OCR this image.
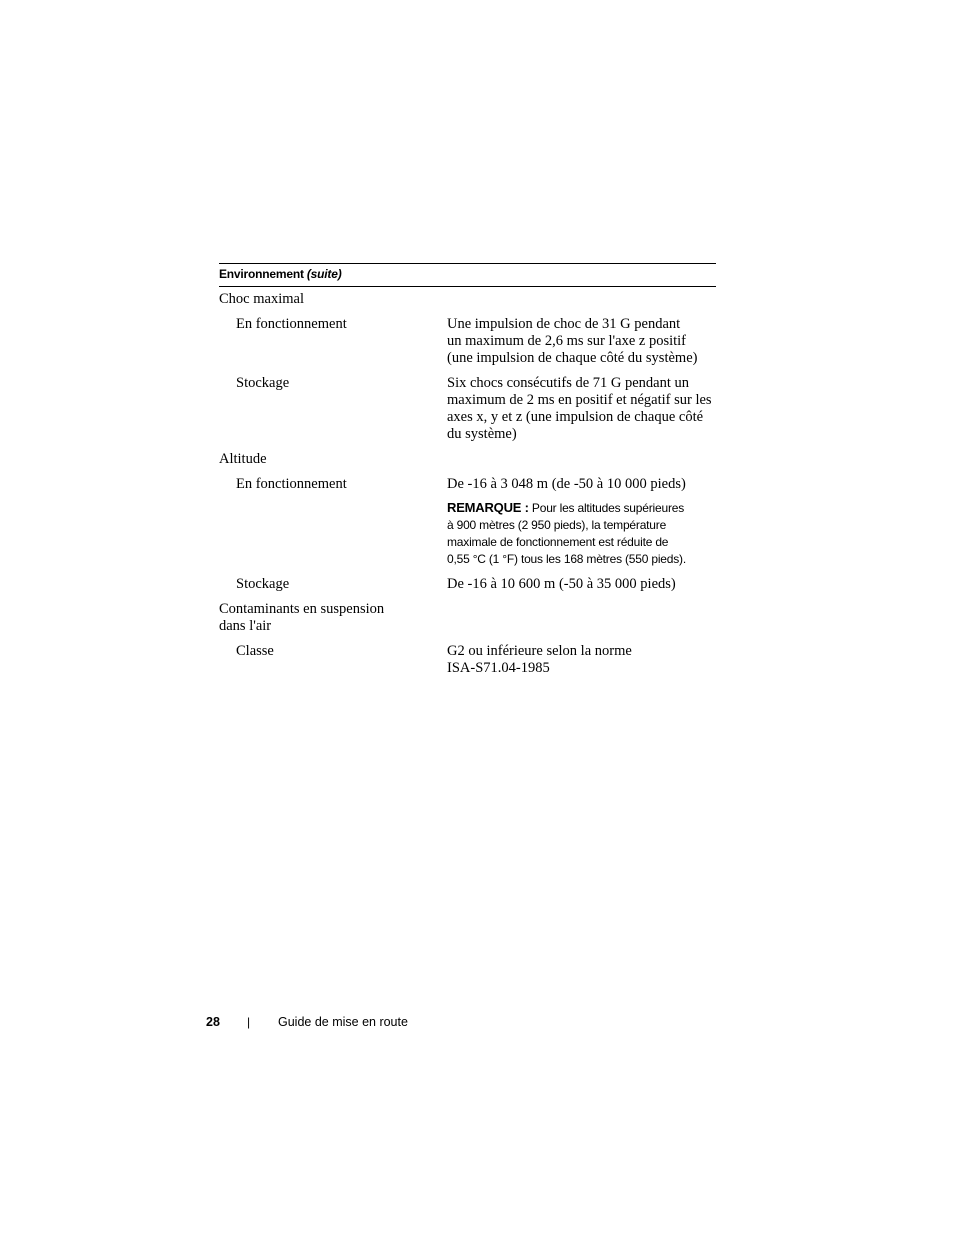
Environnement (suite)
Choc maximal
En fonctionnement	Une impulsion de choc de 31 G pendant
un maximum de 2,6 ms sur l'axe z positif
(une impulsion de chaque côté du système)
Stockage	Six chocs consécutifs de 71 G pendant un
maximum de 2 ms en positif et négatif sur les
axes x, y et z (une impulsion de chaque côté
du système)
Altitude
En fonctionnement	De -16 à 3 048 m (de -50 à 10 000 pieds)
REMARQUE : Pour les altitudes supérieures
à 900 mètres (2 950 pieds), la température
maximale de fonctionnement est réduite de
0,55 °C (1 °F) tous les 168 mètres (550 pieds).
Stockage	De -16 à 10 600 m (-50 à 35 000 pieds)
Contaminants en suspension
dans l'air
Classe	G2 ou inférieure selon la norme
ISA-S71.04-1985
28 | Guide de mise en route
